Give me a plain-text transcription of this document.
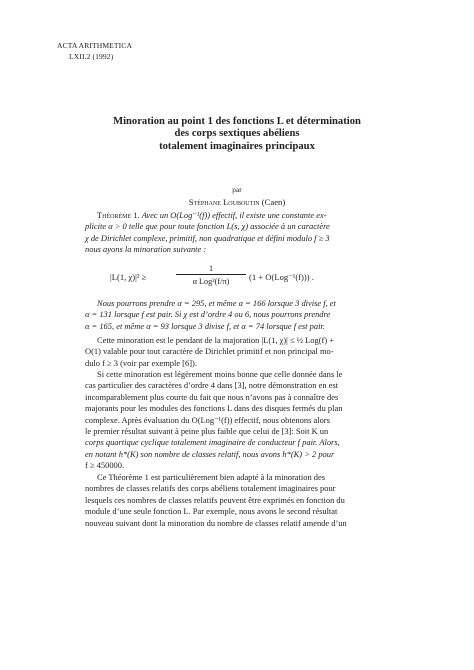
ACTA ARITHMETICA
LXII.2 (1992)
Minoration au point 1 des fonctions L et détermination
des corps sextiques abéliens
totalement imaginaires principaux
par
Stéphane Louboutin (Caen)
Théorème 1. Avec un O(Log⁻¹(f)) effectif, il existe une constante ex-
plicite α > 0 telle que pour toute fonction L(s, χ) associée à un caractère
χ de Dirichlet complexe, primitif, non quadratique et défini modulo f ≥ 3
nous ayons la minoration suivante :
|L(1, χ)|² ≥
1
α Log²(f/π)	(1 + O(Log⁻¹(f))) .
Nous pourrons prendre α = 295, et même α = 166 lorsque 3 divise f, et
α = 131 lorsque f est pair. Si χ est d’ordre 4 ou 6, nous pourrons prendre
α = 165, et même α = 93 lorsque 3 divise f, et α = 74 lorsque f est pair.
Cette minoration est le pendant de la majoration |L(1, χ)| ≤ ½ Log(f) +
O(1) valable pour tout caractère de Dirichlet primitif et non principal mo-
dulo f ≥ 3 (voir par exemple [6]).
Si cette minoration est légèrement moins bonne que celle donnée dans le
cas particulier des caractères d’ordre 4 dans [3], notre démonstration en est
incomparablement plus courte du fait que nous n’avons pas à connaître des
majorants pour les modules des fonctions L dans des disques fermés du plan
complexe. Après évaluation du O(Log⁻¹(f)) effectif, nous obtenons alors
le premier résultat suivant à peine plus faible que celui de [3]: Soit K un
corps quartique cyclique totalement imaginaire de conducteur f pair. Alors,
en notant h*(K) son nombre de classes relatif, nous avons h*(K) > 2 pour
f ≥ 450000.
Ce Théorème 1 est particulièrement bien adapté à la minoration des
nombres de classes relatifs des corps abéliens totalement imaginaires pour
lesquels ces nombres de classes relatifs peuvent être exprimés en fonction du
module d’une seule fonction L. Par exemple, nous avons le second résultat
nouveau suivant dont la minoration du nombre de classes relatif amende d’un
